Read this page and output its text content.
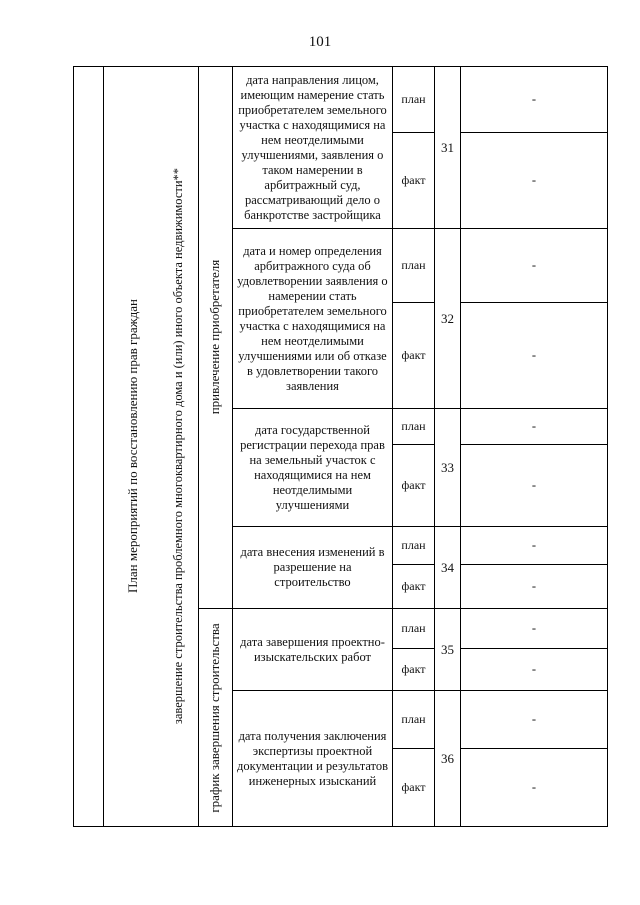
101
План мероприятий по восстановлению прав граждан завершение строительства проблемного многоквартирного дома и (или) иного объекта недвижимости** привлечение приобретателя
график завершения строительства
дата направления лицом, имеющим намерение стать приобретателем земельного участка с находящимися на нем неотделимыми улучшениями, заявления о таком намерении в арбитражный суд, рассматривающий дело о банкротстве застройщика
план
факт
31
-
-
дата и номер определения арбитражного суда об удовлетворении заявления о намерении стать приобретателем земельного участка с находящимися на нем неотделимыми улучшениями или об отказе в удовлетворении такого заявления
план
факт
32
-
-
дата государственной регистрации перехода прав на земельный участок с находящимися на нем неотделимыми улучшениями
план
факт
33
-
-
дата внесения изменений в разрешение на строительство
план
факт
34
-
-
дата завершения проектно-изыскательских работ
план
факт
35
-
-
дата получения заключения экспертизы проектной документации и результатов инженерных изысканий
план
факт
36
-
-
